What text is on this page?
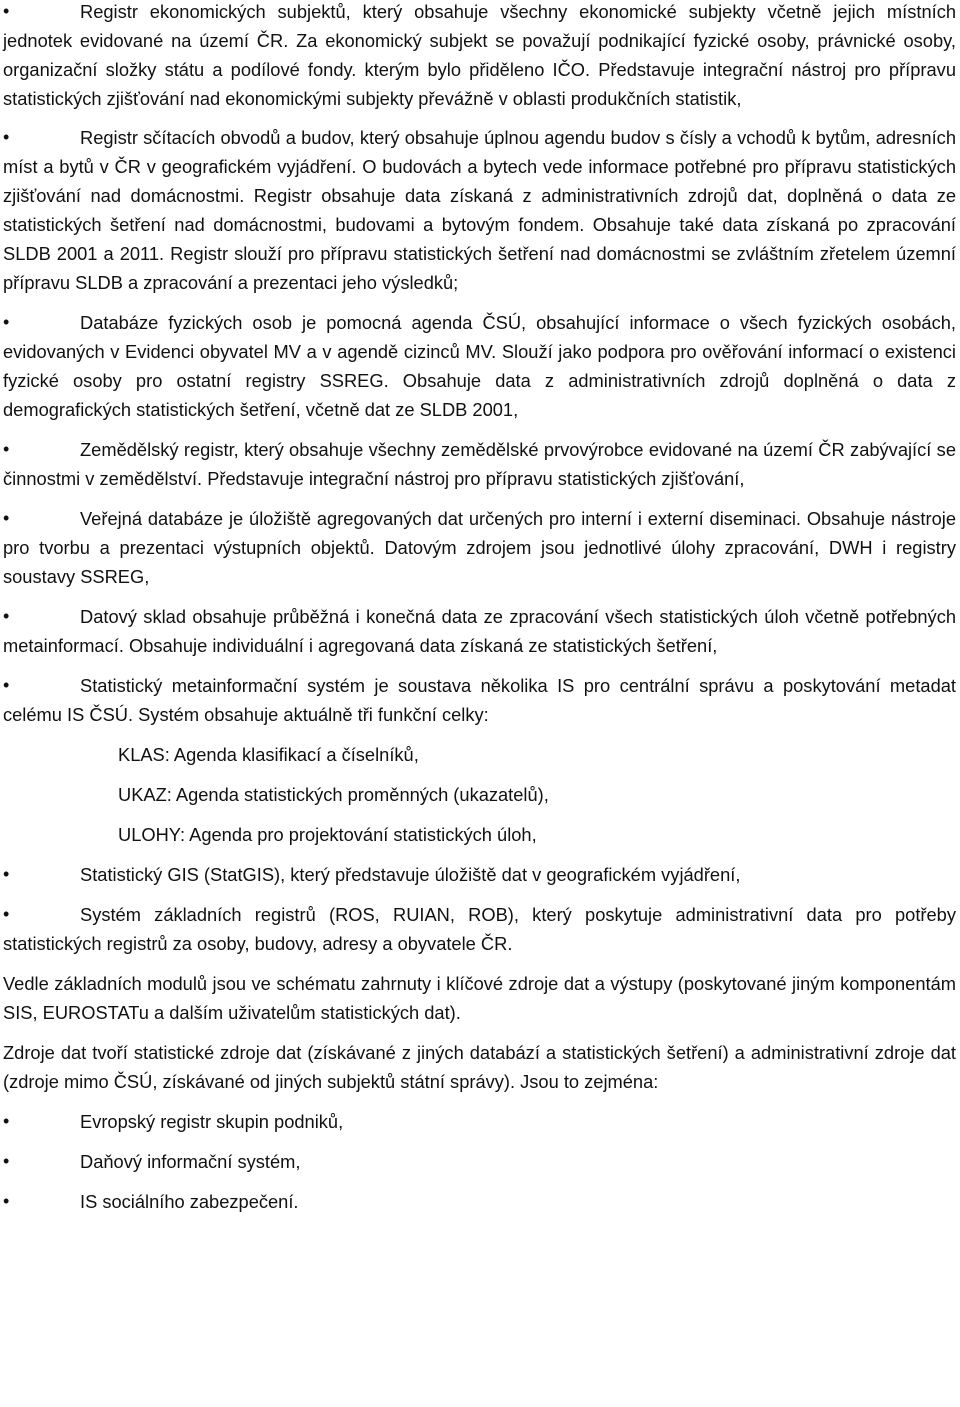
•	Registr ekonomických subjektů, který obsahuje všechny ekonomické subjekty včetně jejich místních jednotek evidované na území ČR. Za ekonomický subjekt se považují podnikající fyzické osoby, právnické osoby, organizační složky státu a podílové fondy. kterým bylo přiděleno IČO. Představuje integrační nástroj pro přípravu statistických zjišťování nad ekonomickými subjekty převážně v oblasti produkčních statistik,
•	Registr sčítacích obvodů a budov, který obsahuje úplnou agendu budov s čísly a vchodů k bytům, adresních míst a bytů v ČR v geografickém vyjádření. O budovách a bytech vede informace potřebné pro přípravu statistických zjišťování nad domácnostmi. Registr obsahuje data získaná z administrativních zdrojů dat, doplněná o data ze statistických šetření nad domácnostmi, budovami a bytovým fondem. Obsahuje také data získaná po zpracování SLDB 2001 a 2011. Registr slouží pro přípravu statistických šetření nad domácnostmi se zvláštním zřetelem územní přípravu SLDB a zpracování a prezentaci jeho výsledků;
•	Databáze fyzických osob je pomocná agenda ČSÚ, obsahující informace o všech fyzických osobách, evidovaných v Evidenci obyvatel MV a v agendě cizinců MV. Slouží jako podpora pro ověřování informací o existenci fyzické osoby pro ostatní registry SSREG. Obsahuje data z administrativních zdrojů doplněná o data z demografických statistických šetření, včetně dat ze SLDB 2001,
•	Zemědělský registr, který obsahuje všechny zemědělské prvovýrobce evidované na území ČR zabývající se činnostmi v zemědělství. Představuje integrační nástroj pro přípravu statistických zjišťování,
•	Veřejná databáze je úložiště agregovaných dat určených pro interní i externí diseminaci. Obsahuje nástroje pro tvorbu a prezentaci výstupních objektů. Datovým zdrojem jsou jednotlivé úlohy zpracování, DWH i registry soustavy SSREG,
•	Datový sklad obsahuje průběžná i konečná data ze zpracování všech statistických úloh včetně potřebných metainformací. Obsahuje individuální i agregovaná data získaná ze statistických šetření,
•	Statistický metainformační systém je soustava několika IS pro centrální správu a poskytování metadat celému IS ČSÚ. Systém obsahuje aktuálně tři funkční celky:
KLAS: Agenda klasifikací a číselníků,
UKAZ: Agenda statistických proměnných (ukazatelů),
ULOHY: Agenda pro projektování statistických úloh,
•	Statistický GIS (StatGIS), který představuje úložiště dat v geografickém vyjádření,
•	Systém základních registrů (ROS, RUIAN, ROB), který poskytuje administrativní data pro potřeby statistických registrů za osoby, budovy, adresy a obyvatele ČR.

Vedle základních modulů jsou ve schématu zahrnuty i klíčové zdroje dat a výstupy (poskytované jiným komponentám SIS, EUROSTATu a dalším uživatelům statistických dat).

Zdroje dat tvoří statistické zdroje dat (získávané z jiných databází a statistických šetření) a administrativní zdroje dat (zdroje mimo ČSÚ, získávané od jiných subjektů státní správy). Jsou to zejména:

•	Evropský registr skupin podniků,
•	Daňový informační systém,
•	IS sociálního zabezpečení.
